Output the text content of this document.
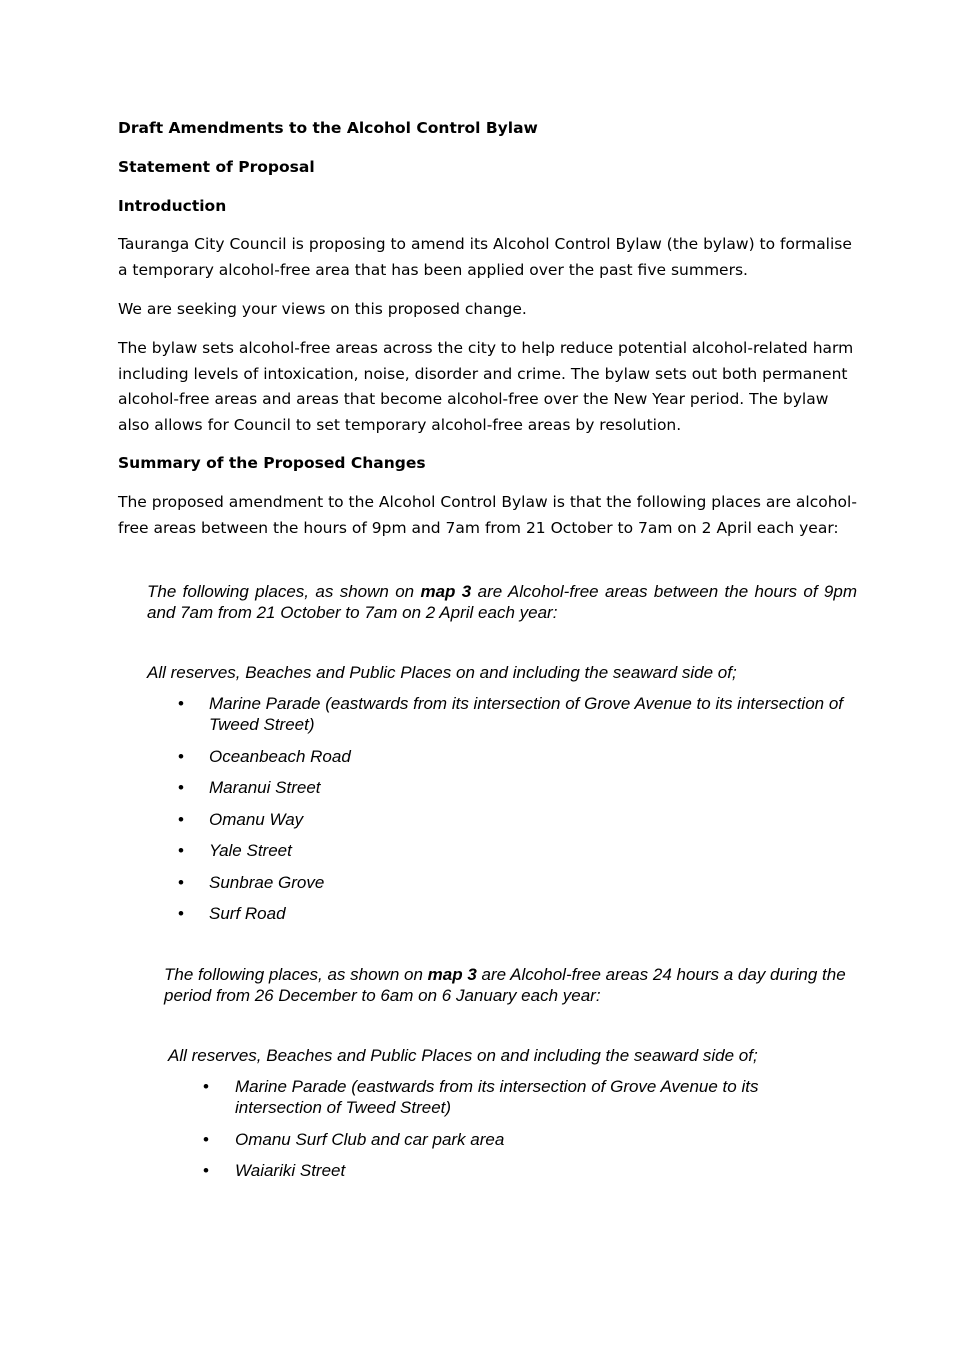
Draft Amendments to the Alcohol Control Bylaw
Statement of Proposal
Introduction

Tauranga City Council is proposing to amend its Alcohol Control Bylaw (the bylaw) to formalise a temporary alcohol-free area that has been applied over the past five summers.

We are seeking your views on this proposed change.

The bylaw sets alcohol-free areas across the city to help reduce potential alcohol-related harm including levels of intoxication, noise, disorder and crime. The bylaw sets out both permanent alcohol-free areas and areas that become alcohol-free over the New Year period. The bylaw also allows for Council to set temporary alcohol-free areas by resolution.

Summary of the Proposed Changes

The proposed amendment to the Alcohol Control Bylaw is that the following places are alcohol-free areas between the hours of 9pm and 7am from 21 October to 7am on 2 April each year:

The following places, as shown on map 3 are Alcohol-free areas between the hours of 9pm and 7am from 21 October to 7am on 2 April each year:

All reserves, Beaches and Public Places on and including the seaward side of;

• Marine Parade (eastwards from its intersection of Grove Avenue to its intersection of Tweed Street)
• Oceanbeach Road
• Maranui Street
• Omanu Way
• Yale Street
• Sunbrae Grove
• Surf Road

The following places, as shown on map 3 are Alcohol-free areas 24 hours a day during the period from 26 December to 6am on 6 January each year:

All reserves, Beaches and Public Places on and including the seaward side of;

• Marine Parade (eastwards from its intersection of Grove Avenue to its intersection of Tweed Street)
• Omanu Surf Club and car park area
• Waiariki Street
